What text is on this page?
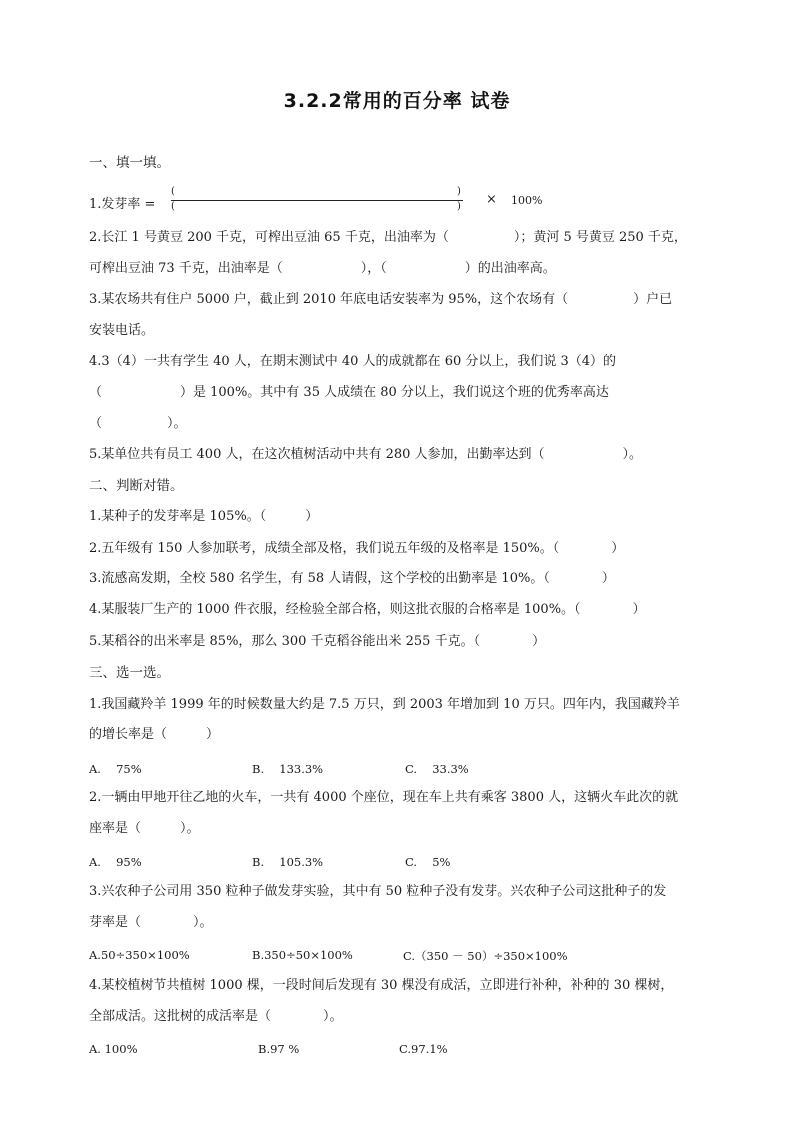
3.2.2常用的百分率 试卷
一、填一填。
1.发芽率 =
(	)
(	) × 100%
2.长江 1 号黄豆 200 千克，可榨出豆油 65 千克，出油率为（　　　　　）；黄河 5 号黄豆 250 千克，
可榨出豆油 73 千克，出油率是（　　　　　　），（　　　　　　）的出油率高。
3.某农场共有住户 5000 户，截止到 2010 年底电话安装率为 95%，这个农场有（　　　　　）户已
安装电话。
4.3（4）一共有学生 40 人，在期末测试中 40 人的成就都在 60 分以上，我们说 3（4）的
（　　　　　　）是 100%。其中有 35 人成绩在 80 分以上，我们说这个班的优秀率高达
（　　　　　）。
5.某单位共有员工 400 人，在这次植树活动中共有 280 人参加，出勤率达到（　　　　　　）。
二、判断对错。
1.某种子的发芽率是 105%。（　　　）
2.五年级有 150 人参加联考，成绩全部及格，我们说五年级的及格率是 150%。（　　　　）
3.流感高发期，全校 580 名学生，有 58 人请假，这个学校的出勤率是 10%。（　　　　）
4.某服装厂生产的 1000 件衣服，经检验全部合格，则这批衣服的合格率是 100%。（　　　　）
5.某稻谷的出米率是 85%，那么 300 千克稻谷能出米 255 千克。（　　　　）
三、选一选。
1.我国藏羚羊 1999 年的时候数量大约是 7.5 万只，到 2003 年增加到 10 万只。四年内，我国藏羚羊
的增长率是（　　　）
A.　 75%	B.　 133.3%	C.　 33.3%
2.一辆由甲地开往乙地的火车，一共有 4000 个座位，现在车上共有乘客 3800 人，这辆火车此次的就
座率是（　　　）。
A.　 95%	B.　 105.3%	C.　 5%
3.兴农种子公司用 350 粒种子做发芽实验，其中有 50 粒种子没有发芽。兴农种子公司这批种子的发
芽率是（　　　　）。
A.50÷350×100%	B.350÷50×100%	C.（350 － 50）÷350×100%
4.某校植树节共植树 1000 棵，一段时间后发现有 30 棵没有成活，立即进行补种，补种的 30 棵树，
全部成活。这批树的成活率是（　　　　）。
A. 100%	B.97 %	C.97.1%
